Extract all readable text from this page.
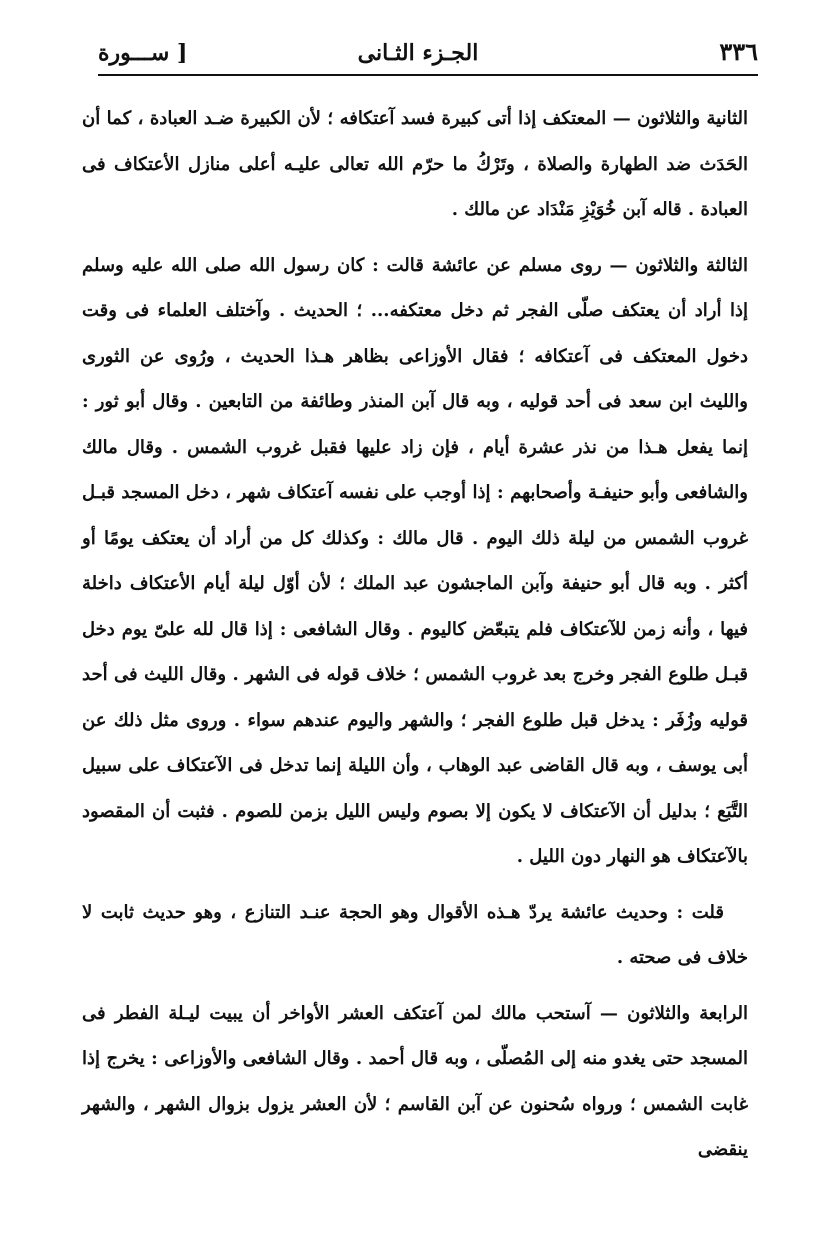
٣٣٦
الجـزء الثـانى
[ ســـورة

الثانية والثلاثون — المعتكف إذا أتى كبيرة فسد آعتكافه ؛ لأن الكبيرة ضـد العبادة ، كما أن الحَدَث ضد الطهارة والصلاة ، وتَرْكُ ما حرّم الله تعالى عليـه أعلى منازل الأعتكاف فى العبادة . قاله آبن خُوَيْزِ مَنْدَاد عن مالك .

الثالثة والثلاثون — روى مسلم عن عائشة قالت : كان رسول الله صلى الله عليه وسلم إذا أراد أن يعتكف صلّى الفجر ثم دخل معتكفه... ؛ الحديث . وآختلف العلماء فى وقت دخول المعتكف فى آعتكافه ؛ فقال الأوزاعى بظاهر هـذا الحديث ، ورُوى عن الثورى والليث ابن سعد فى أحد قوليه ، وبه قال آبن المنذر وطائفة من التابعين . وقال أبو ثور : إنما يفعل هـذا من نذر عشرة أيام ، فإن زاد عليها فقبل غروب الشمس . وقال مالك والشافعى وأبو حنيفـة وأصحابهم : إذا أوجب على نفسه آعتكاف شهر ، دخل المسجد قبـل غروب الشمس من ليلة ذلك اليوم . قال مالك : وكذلك كل من أراد أن يعتكف يومًا أو أكثر . وبه قال أبو حنيفة وآبن الماجشون عبد الملك ؛ لأن أوّل ليلة أيام الأعتكاف داخلة فيها ، وأنه زمن للآعتكاف فلم يتبعّض كاليوم . وقال الشافعى : إذا قال لله علىّ يوم دخل قبـل طلوع الفجر وخرج بعد غروب الشمس ؛ خلاف قوله فى الشهر . وقال الليث فى أحد قوليه وزُفَر : يدخل قبل طلوع الفجر ؛ والشهر واليوم عندهم سواء . وروى مثل ذلك عن أبى يوسف ، وبه قال القاضى عبد الوهاب ، وأن الليلة إنما تدخل فى الآعتكاف على سبيل التَّبَع ؛ بدليل أن الآعتكاف لا يكون إلا بصوم وليس الليل بزمن للصوم . فثبت أن المقصود بالآعتكاف هو النهار دون الليل .

قلت : وحديث عائشة يردّ هـذه الأقوال وهو الحجة عنـد التنازع ، وهو حديث ثابت لا خلاف فى صحته .

الرابعة والثلاثون — آستحب مالك لمن آعتكف العشر الأواخر أن يبيت ليـلة الفطر فى المسجد حتى يغدو منه إلى المُصلّى ، وبه قال أحمد . وقال الشافعى والأوزاعى : يخرج إذا غابت الشمس ؛ ورواه سُحنون عن آبن القاسم ؛ لأن العشر يزول بزوال الشهر ، والشهر ينقضى
